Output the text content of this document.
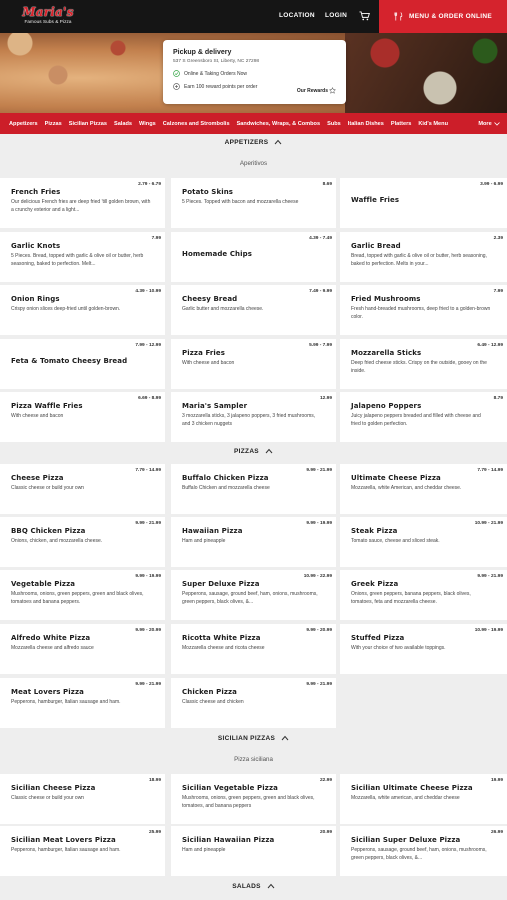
Maria's
Famous Subs & Pizza
LOCATION LOGIN	MENU & ORDER ONLINE
Pickup & delivery
537 S Greensboro St, Liberty, NC 27298
Online & Taking Orders Now
Earn 100 reward points per order
Our Rewards
Appetizers Pizzas Sicilian Pizzas Salads Wings Calzones and Strombolis Sandwiches, Wraps, & Combos Subs Italian Dishes Platters Kid's Menu	More
APPETIZERS
Aperitivos
2.79 - 6.79
French Fries
Our delicious French fries are deep fried 'till golden brown, with a crunchy exterior and a light...
8.69
Potato Skins
5 Pieces. Topped with bacon and mozzarella cheese
3.99 - 6.99
Waffle Fries
7.99
Garlic Knots
5 Pieces. Bread, topped with garlic & olive oil or butter, herb seasoning, baked to perfection. Melt...
4.39 - 7.49
Homemade Chips
2.39
Garlic Bread
Bread, topped with garlic & olive oil or butter, herb seasoning, baked to perfection. Melts in your...
4.39 - 10.99
Onion Rings
Crispy onion slices deep-fried until golden-brown.
7.49 - 9.99
Cheesy Bread
Garlic butter and mozzarella cheese.
7.99
Fried Mushrooms
Fresh hand-breaded mushrooms, deep fried to a golden-brown color.
7.99 - 12.99
Feta & Tomato Cheesy Bread
5.99 - 7.99
Pizza Fries
With cheese and bacon
6.49 - 12.99
Mozzarella Sticks
Deep fried cheese sticks. Crispy on the outside, gooey on the inside.
6.69 - 8.99
Pizza Waffle Fries
With cheese and bacon
12.99
Maria's Sampler
3 mozzarella sticks, 3 jalapeno poppers, 3 fried mushrooms, and 3 chicken nuggets
8.79
Jalapeno Poppers
Juicy jalapeno peppers breaded and filled with cheese and fried to golden perfection.
PIZZAS
7.79 - 14.99
Cheese Pizza
Classic cheese or build your own
9.99 - 21.99
Buffalo Chicken Pizza
Buffalo Chicken and mozzarella cheese
7.79 - 14.99
Ultimate Cheese Pizza
Mozzarella, white American, and cheddar cheese.
9.99 - 21.99
BBQ Chicken Pizza
Onions, chicken, and mozzarella cheese.
9.99 - 19.99
Hawaiian Pizza
Ham and pineapple
10.99 - 21.99
Steak Pizza
Tomato sauce, cheese and sliced steak.
9.99 - 19.99
Vegetable Pizza
Mushrooms, onions, green peppers, green and black olives, tomatoes and banana peppers.
10.99 - 22.99
Super Deluxe Pizza
Pepperons, sausage, ground beef, ham, onions, mushrooms, green peppers, black olives, &...
9.99 - 21.99
Greek Pizza
Onions, green peppers, banana peppers, black olives, tomatoes, feta and mozzarella cheese.
9.99 - 20.99
Alfredo White Pizza
Mozzarella cheese and alfredo sauce
9.99 - 20.99
Ricotta White Pizza
Mozzarella cheese and ricota cheese
10.99 - 19.99
Stuffed Pizza
With your choice of two available toppings.
9.99 - 21.99
Meat Lovers Pizza
Pepperons, hamburger, Italian sausage and ham.
9.99 - 21.99
Chicken Pizza
Classic cheese and chicken
SICILIAN PIZZAS
Pizza siciliana
18.99
Sicilian Cheese Pizza
Classic cheese or build your own
22.99
Sicilian Vegetable Pizza
Mushrooms, onions, green peppers, green and black olives, tomatoes, and banana peppers
19.99
Sicilian Ultimate Cheese Pizza
Mozzarella, white american, and cheddar cheese
25.99
Sicilian Meat Lovers Pizza
Pepperons, hamburger, Italian sausage and ham.
20.99
Sicilian Hawaiian Pizza
Ham and pineapple
26.99
Sicilian Super Deluxe Pizza
Pepperons, sausage, ground beef, ham, onions, mushrooms, green peppers, black olives, &...
SALADS
